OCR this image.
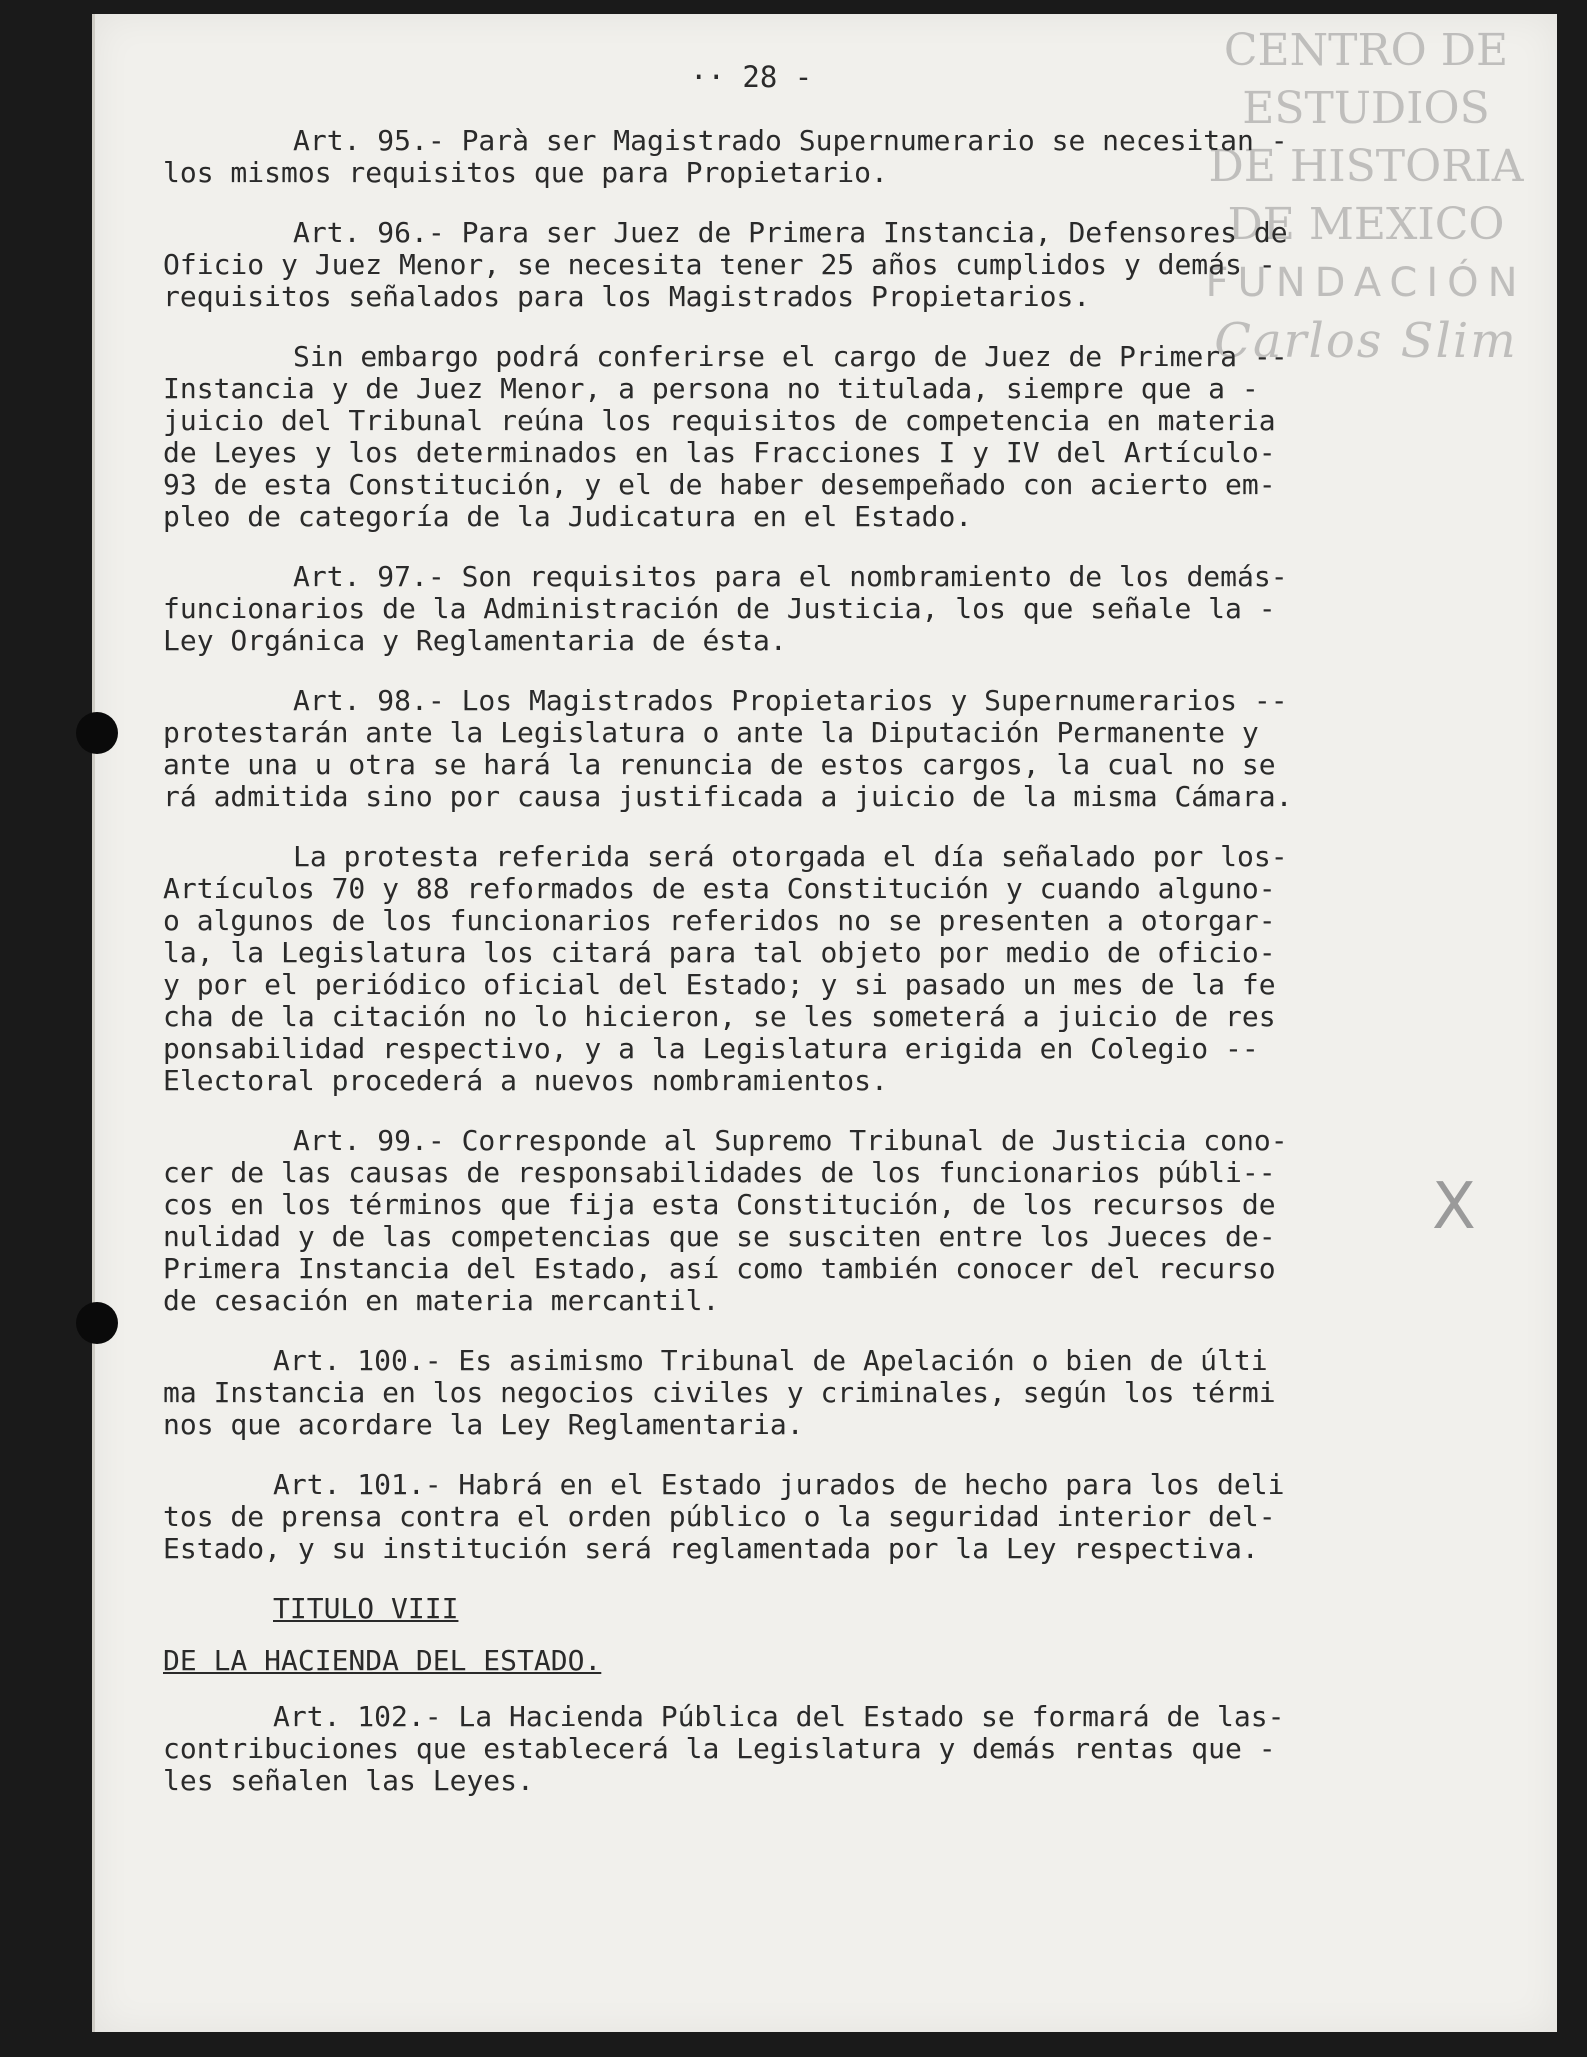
CENTRO DE
ESTUDIOS
DE HISTORIA
DE MEXICO
FUNDACIÓN
Carlos Slim
·· 28 -
Art. 95.- Parà ser Magistrado Supernumerario se necesitan -
los mismos requisitos que para Propietario.
Art. 96.- Para ser Juez de Primera Instancia, Defensores de
Oficio y Juez Menor, se necesita tener 25 años cumplidos y demás -
requisitos señalados para los Magistrados Propietarios.
Sin embargo podrá conferirse el cargo de Juez de Primera --
Instancia y de Juez Menor, a persona no titulada, siempre que a -
juicio del Tribunal reúna los requisitos de competencia en materia
de Leyes y los determinados en las Fracciones I y IV del Artículo-
93 de esta Constitución, y el de haber desempeñado con acierto em-
pleo de categoría de la Judicatura en el Estado.
Art. 97.- Son requisitos para el nombramiento de los demás-
funcionarios de la Administración de Justicia, los que señale la -
Ley Orgánica y Reglamentaria de ésta.
Art. 98.- Los Magistrados Propietarios y Supernumerarios --
protestarán ante la Legislatura o ante la Diputación Permanente y
ante una u otra se hará la renuncia de estos cargos, la cual no se
rá admitida sino por causa justificada a juicio de la misma Cámara.
La protesta referida será otorgada el día señalado por los-
Artículos 70 y 88 reformados de esta Constitución y cuando alguno-
o algunos de los funcionarios referidos no se presenten a otorgar-
la, la Legislatura los citará para tal objeto por medio de oficio-
y por el periódico oficial del Estado; y si pasado un mes de la fe
cha de la citación no lo hicieron, se les someterá a juicio de res
ponsabilidad respectivo, y a la Legislatura erigida en Colegio --
Electoral procederá a nuevos nombramientos.
Art. 99.- Corresponde al Supremo Tribunal de Justicia cono-
cer de las causas de responsabilidades de los funcionarios públi--
cos en los términos que fija esta Constitución, de los recursos de
nulidad y de las competencias que se susciten entre los Jueces de-
Primera Instancia del Estado, así como también conocer del recurso
de cesación en materia mercantil.
Art. 100.- Es asimismo Tribunal de Apelación o bien de últi
ma Instancia en los negocios civiles y criminales, según los térmi
nos que acordare la Ley Reglamentaria.
Art. 101.- Habrá en el Estado jurados de hecho para los deli
tos de prensa contra el orden público o la seguridad interior del-
Estado, y su institución será reglamentada por la Ley respectiva.
TITULO VIII
DE LA HACIENDA DEL ESTADO.
Art. 102.- La Hacienda Pública del Estado se formará de las-
contribuciones que establecerá la Legislatura y demás rentas que -
les señalen las Leyes.
X
